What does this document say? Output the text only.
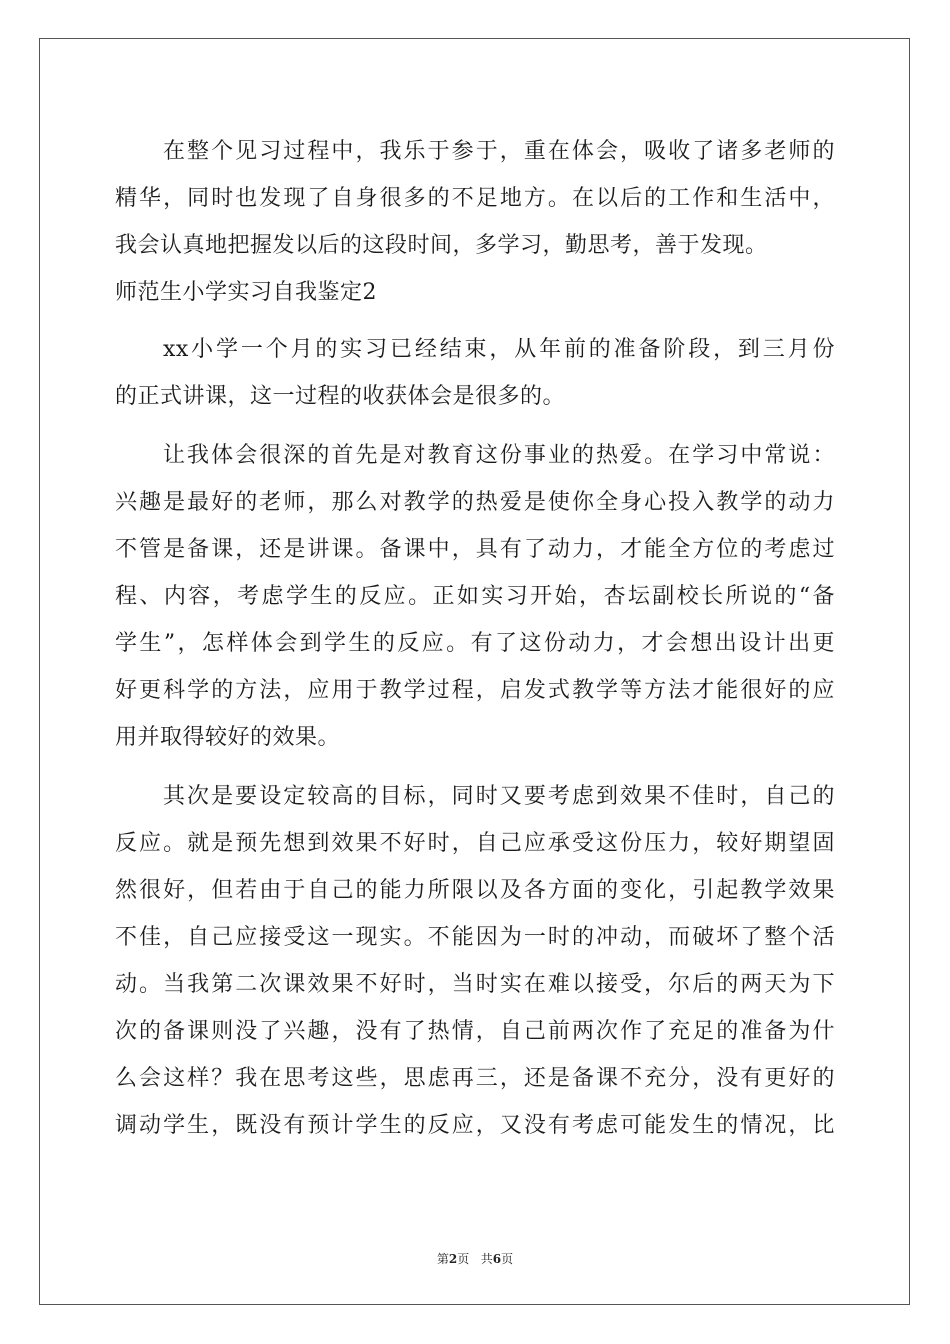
在整个见习过程中，我乐于参于，重在体会，吸收了诸多老师的
精华，同时也发现了自身很多的不足地方。在以后的工作和生活中，
我会认真地把握发以后的这段时间，多学习，勤思考，善于发现。
师范生小学实习自我鉴定2
xx小学一个月的实习已经结束，从年前的准备阶段，到三月份
的正式讲课，这一过程的收获体会是很多的。
让我体会很深的首先是对教育这份事业的热爱。在学习中常说：
兴趣是最好的老师，那么对教学的热爱是使你全身心投入教学的动力
不管是备课，还是讲课。备课中，具有了动力，才能全方位的考虑过
程、内容，考虑学生的反应。正如实习开始，杏坛副校长所说的“备
学生”，怎样体会到学生的反应。有了这份动力，才会想出设计出更
好更科学的方法，应用于教学过程，启发式教学等方法才能很好的应
用并取得较好的效果。
其次是要设定较高的目标，同时又要考虑到效果不佳时，自己的
反应。就是预先想到效果不好时，自己应承受这份压力，较好期望固
然很好，但若由于自己的能力所限以及各方面的变化，引起教学效果
不佳，自己应接受这一现实。不能因为一时的冲动，而破坏了整个活
动。当我第二次课效果不好时，当时实在难以接受，尔后的两天为下
次的备课则没了兴趣，没有了热情，自己前两次作了充足的准备为什
么会这样？我在思考这些，思虑再三，还是备课不充分，没有更好的
调动学生，既没有预计学生的反应，又没有考虑可能发生的情况，比
第2页 共6页
